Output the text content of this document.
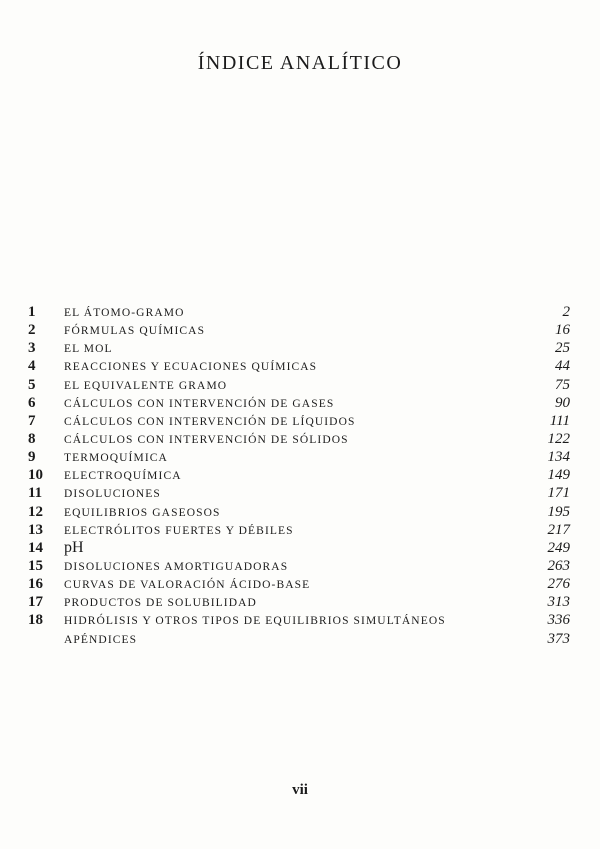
ÍNDICE ANALÍTICO
1	EL ÁTOMO-GRAMO	2
2	FÓRMULAS QUÍMICAS	16
3	EL MOL	25
4	REACCIONES Y ECUACIONES QUÍMICAS	44
5	EL EQUIVALENTE GRAMO	75
6	CÁLCULOS CON INTERVENCIÓN DE GASES	90
7	CÁLCULOS CON INTERVENCIÓN DE LÍQUIDOS	111
8	CÁLCULOS CON INTERVENCIÓN DE SÓLIDOS	122
9	TERMOQUÍMICA	134
10	ELECTROQUÍMICA	149
11	DISOLUCIONES	171
12	EQUILIBRIOS GASEOSOS	195
13	ELECTRÓLITOS FUERTES Y DÉBILES	217
14	pH	249
15	DISOLUCIONES AMORTIGUADORAS	263
16	CURVAS DE VALORACIÓN ÁCIDO-BASE	276
17	PRODUCTOS DE SOLUBILIDAD	313
18	HIDRÓLISIS Y OTROS TIPOS DE EQUILIBRIOS SIMULTÁNEOS	336
APÉNDICES	373

vii
